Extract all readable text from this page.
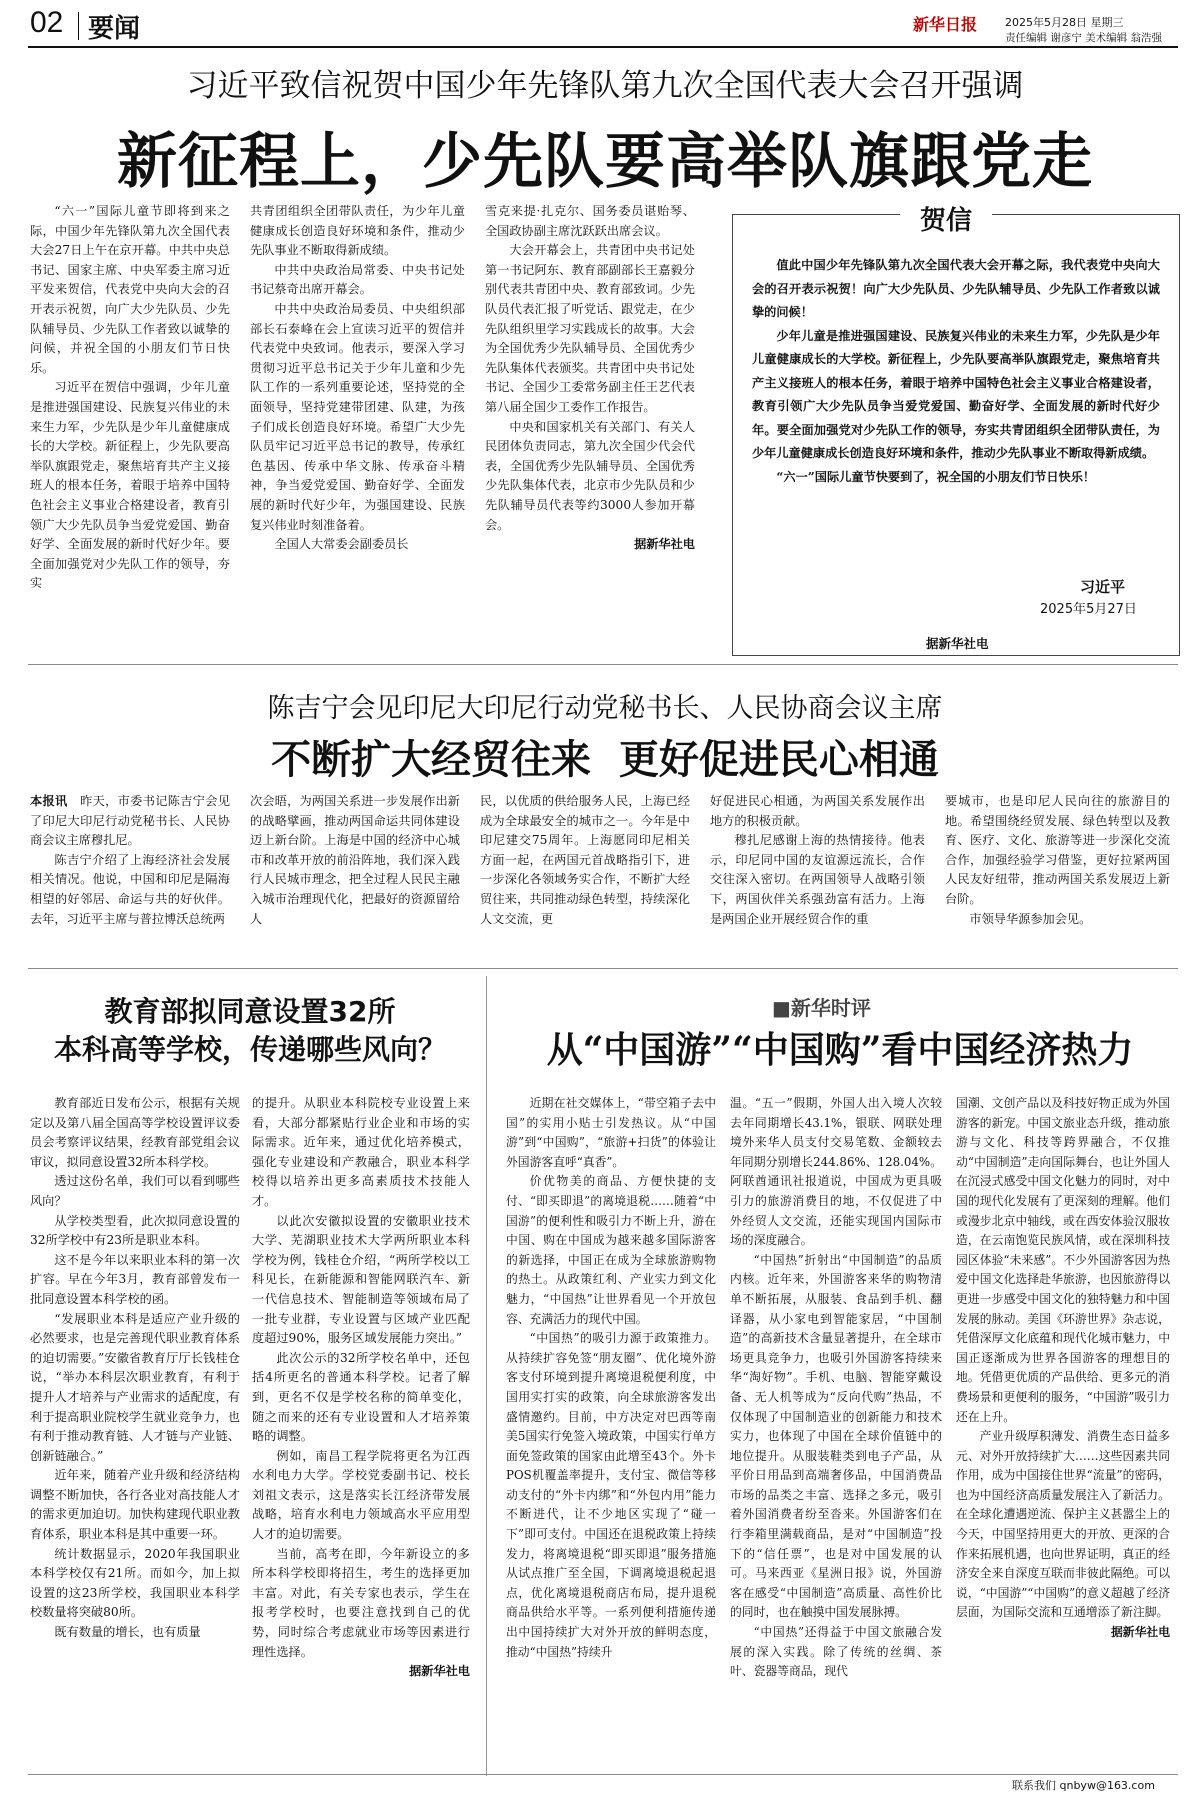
02 要闻	新华日报	2025年5月28日 星期三
责任编辑 谢彦宁 美术编辑 翁浩强
习近平致信祝贺中国少年先锋队第九次全国代表大会召开强调
新征程上，少先队要高举队旗跟党走

“六一”国际儿童节即将到来之际，中国少年先锋队第九次全国代表大会27日上午在京开幕。中共中央总书记、国家主席、中央军委主席习近平发来贺信，代表党中央向大会的召开表示祝贺，向广大少先队员、少先队辅导员、少先队工作者致以诚挚的问候，并祝全国的小朋友们节日快乐。

习近平在贺信中强调，少年儿童是推进强国建设、民族复兴伟业的未来生力军，少先队是少年儿童健康成长的大学校。新征程上，少先队要高举队旗跟党走，聚焦培育共产主义接班人的根本任务，着眼于培养中国特色社会主义事业合格建设者，教育引领广大少先队员争当爱党爱国、勤奋好学、全面发展的新时代好少年。要全面加强党对少先队工作的领导，夯实

共青团组织全团带队责任，为少年儿童健康成长创造良好环境和条件，推动少先队事业不断取得新成绩。

中共中央政治局常委、中央书记处书记蔡奇出席开幕会。

中共中央政治局委员、中央组织部部长石泰峰在会上宣读习近平的贺信并代表党中央致词。他表示，要深入学习贯彻习近平总书记关于少年儿童和少先队工作的一系列重要论述，坚持党的全面领导，坚持党建带团建、队建，为孩子们成长创造良好环境。希望广大少先队员牢记习近平总书记的教导，传承红色基因、传承中华文脉、传承奋斗精神，争当爱党爱国、勤奋好学、全面发展的新时代好少年，为强国建设、民族复兴伟业时刻准备着。

全国人大常委会副委员长

雪克来提·扎克尔、国务委员谌贻琴、全国政协副主席沈跃跃出席会议。

大会开幕会上，共青团中央书记处第一书记阿东、教育部副部长王嘉毅分别代表共青团中央、教育部致词。少先队员代表汇报了听党话、跟党走，在少先队组织里学习实践成长的故事。大会为全国优秀少先队辅导员、全国优秀少先队集体代表颁奖。共青团中央书记处书记、全国少工委常务副主任王艺代表第八届全国少工委作工作报告。

中央和国家机关有关部门、有关人民团体负责同志，第九次全国少代会代表，全国优秀少先队辅导员、全国优秀少先队集体代表，北京市少先队员和少先队辅导员代表等约3000人参加开幕会。

据新华社电

贺信

值此中国少年先锋队第九次全国代表大会开幕之际，我代表党中央向大会的召开表示祝贺！向广大少先队员、少先队辅导员、少先队工作者致以诚挚的问候！

少年儿童是推进强国建设、民族复兴伟业的未来生力军，少先队是少年儿童健康成长的大学校。新征程上，少先队要高举队旗跟党走，聚焦培育共产主义接班人的根本任务，着眼于培养中国特色社会主义事业合格建设者，教育引领广大少先队员争当爱党爱国、勤奋好学、全面发展的新时代好少年。要全面加强党对少先队工作的领导，夯实共青团组织全团带队责任，为少年儿童健康成长创造良好环境和条件，推动少先队事业不断取得新成绩。

“六一”国际儿童节快要到了，祝全国的小朋友们节日快乐！

习近平
2025年5月27日
据新华社电
陈吉宁会见印尼大印尼行动党秘书长、人民协商会议主席
不断扩大经贸往来  更好促进民心相通

本报讯　 昨天，市委书记陈吉宁会见了印尼大印尼行动党秘书长、人民协商会议主席穆扎尼。

陈吉宁介绍了上海经济社会发展相关情况。他说，中国和印尼是隔海相望的好邻居、命运与共的好伙伴。去年，习近平主席与普拉博沃总统两

次会晤，为两国关系进一步发展作出新的战略擘画，推动两国命运共同体建设迈上新台阶。上海是中国的经济中心城市和改革开放的前沿阵地，我们深入践行人民城市理念，把全过程人民民主融入城市治理现代化，把最好的资源留给人

民，以优质的供给服务人民，上海已经成为全球最安全的城市之一。今年是中印尼建交75周年。上海愿同印尼相关方面一起，在两国元首战略指引下，进一步深化各领域务实合作，不断扩大经贸往来，共同推动绿色转型，持续深化人文交流，更

好促进民心相通，为两国关系发展作出地方的积极贡献。

穆扎尼感谢上海的热情接待。他表示，印尼同中国的友谊源远流长，合作交往深入密切。在两国领导人战略引领下，两国伙伴关系强劲富有活力。上海是两国企业开展经贸合作的重

要城市，也是印尼人民向往的旅游目的地。希望围绕经贸发展、绿色转型以及教育、医疗、文化、旅游等进一步深化交流合作，加强经验学习借鉴，更好拉紧两国人民友好纽带，推动两国关系发展迈上新台阶。

市领导华源参加会见。

教育部拟同意设置32所
本科高等学校，传递哪些风向？

教育部近日发布公示，根据有关规定以及第八届全国高等学校设置评议委员会考察评议结果，经教育部党组会议审议，拟同意设置32所本科学校。

透过这份名单，我们可以看到哪些风向？

从学校类型看，此次拟同意设置的32所学校中有23所是职业本科。

这不是今年以来职业本科的第一次扩容。早在今年3月，教育部曾发布一批同意设置本科学校的函。

“发展职业本科是适应产业升级的必然要求，也是完善现代职业教育体系的迫切需要。”安徽省教育厅厅长钱桂仓说，“举办本科层次职业教育，有利于提升人才培养与产业需求的适配度，有利于提高职业院校学生就业竞争力，也有利于推动教育链、人才链与产业链、创新链融合。”

近年来，随着产业升级和经济结构调整不断加快，各行各业对高技能人才的需求更加迫切。加快构建现代职业教育体系，职业本科是其中重要一环。

统计数据显示，2020年我国职业本科学校仅有21所。而如今，加上拟设置的这23所学校，我国职业本科学校数量将突破80所。

既有数量的增长，也有质量

的提升。从职业本科院校专业设置上来看，大部分都紧贴行业企业和市场的实际需求。近年来，通过优化培养模式，强化专业建设和产教融合，职业本科学校得以培养出更多高素质技术技能人才。

以此次安徽拟设置的安徽职业技术大学、芜湖职业技术大学两所职业本科学校为例，钱桂仓介绍，“两所学校以工科见长，在新能源和智能网联汽车、新一代信息技术、智能制造等领域布局了一批专业群，专业设置与区域产业匹配度超过90%，服务区域发展能力突出。”

此次公示的32所学校名单中，还包括4所更名的普通本科学校。记者了解到，更名不仅是学校名称的简单变化，随之而来的还有专业设置和人才培养策略的调整。

例如，南昌工程学院将更名为江西水利电力大学。学校党委副书记、校长刘祖文表示，这是落实长江经济带发展战略，培育水利电力领域高水平应用型人才的迫切需要。

当前，高考在即，今年新设立的多所本科学校即将招生，考生的选择更加丰富。对此，有关专家也表示，学生在报考学校时，也要注意找到自己的优势，同时综合考虑就业市场等因素进行理性选择。

据新华社电

■新华时评
从“中国游”“中国购”看中国经济热力

近期在社交媒体上，“带空箱子去中国”的实用小贴士引发热议。从“中国游”到“中国购”，“旅游+扫货”的体验让外国游客直呼“真香”。

价优物美的商品、方便快捷的支付、“即买即退”的离境退税……随着“中国游”的便利性和吸引力不断上升，游在中国、购在中国成为越来越多国际游客的新选择，中国正在成为全球旅游购物的热土。从政策红利、产业实力到文化魅力，“中国热”让世界看见一个开放包容、充满活力的现代中国。

“中国热”的吸引力源于政策推力。从持续扩容免签“朋友圈”、优化境外游客支付环境到提升离境退税便利度，中国用实打实的政策，向全球旅游客发出盛情邀约。目前，中方决定对巴西等南美5国实行免签入境政策，中国实行单方面免签政策的国家由此增至43个。外卡POS机覆盖率提升，支付宝、微信等移动支付的“外卡内绑”和“外包内用”能力不断进代，让不少地区实现了“碰一下”即可支付。中国还在退税政策上持续发力，将离境退税“即买即退”服务措施从试点推广至全国，下调离境退税起退点，优化离境退税商店布局，提升退税商品供给水平等。一系列便利措施传递出中国持续扩大对外开放的鲜明态度，推动“中国热”持续升

温。“五一”假期，外国人出入境人次较去年同期增长43.1%，银联、网联处理境外来华人员支付交易笔数、金额较去年同期分别增长244.86%、128.04%。阿联酋通讯社报道说，中国成为更具吸引力的旅游消费目的地，不仅促进了中外经贸人文交流，还能实现国内国际市场的深度融合。

“中国热”折射出“中国制造”的品质内核。近年来，外国游客来华的购物清单不断拓展，从服装、食品到手机、翻译器，从小家电到智能家居，“中国制造”的高新技术含量显著提升，在全球市场更具竞争力，也吸引外国游客持续来华“淘好物”。手机、电脑、智能穿戴设备、无人机等成为“反向代购”热品，不仅体现了中国制造业的创新能力和技术实力，也体现了中国在全球价值链中的地位提升。从服装鞋类到电子产品，从平价日用品到高端奢侈品，中国消费品市场的品类之丰富、选择之多元，吸引着外国消费者纷至沓来。外国游客们在行李箱里满载商品，是对“中国制造”投下的“信任票”，也是对中国发展的认可。马来西亚《星洲日报》说，外国游客在感受“中国制造”高质量、高性价比的同时，也在触摸中国发展脉搏。

“中国热”还得益于中国文旅融合发展的深入实践。除了传统的丝绸、茶叶、瓷器等商品，现代

国潮、文创产品以及科技好物正成为外国游客的新宠。中国文旅业态升级，推动旅游与文化、科技等跨界融合，不仅推动“中国制造”走向国际舞台，也让外国人在沉浸式感受中国文化魅力的同时，对中国的现代化发展有了更深刻的理解。他们或漫步北京中轴线，或在西安体验汉服妆造，在云南饱览民族风情，或在深圳科技园区体验“未来感”。不少外国游客因为热爱中国文化选择赴华旅游，也因旅游得以更进一步感受中国文化的独特魅力和中国发展的脉动。美国《环游世界》杂志说，凭借深厚文化底蕴和现代化城市魅力，中国正逐渐成为世界各国游客的理想目的地。凭借更优质的产品供给、更多元的消费场景和更便利的服务，“中国游”吸引力还在上升。

产业升级厚积薄发、消费生态日益多元、对外开放持续扩大……这些因素共同作用，成为中国接住世界“流量”的密码，也为中国经济高质量发展注入了新活力。在全球化遭遇逆流、保护主义甚嚣尘上的今天，中国坚持用更大的开放、更深的合作来拓展机遇，也向世界证明，真正的经济安全来自深度互联而非彼此隔绝。可以说，“中国游”“中国购”的意义超越了经济层面，为国际交流和互通增添了新注脚。

据新华社电

联系我们 qnbyw@163.com
